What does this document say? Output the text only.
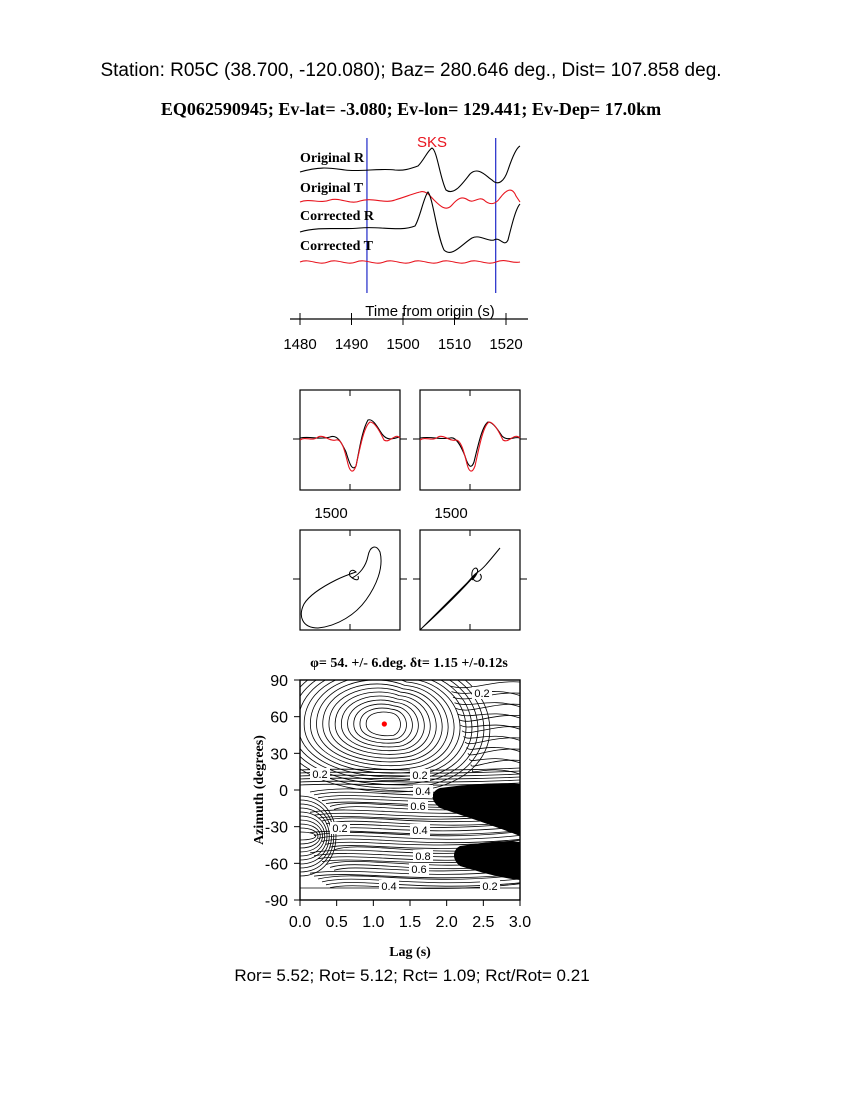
Station: R05C (38.700, -120.080); Baz= 280.646 deg., Dist= 107.858 deg.
EQ062590945; Ev-lat= -3.080; Ev-lon= 129.441; Ev-Dep= 17.0km
SKS
Original R
Original T
Corrected R
Corrected T
Time from origin (s)
1480 1490 1500 1510 1520
1500	1500
φ= 54. +/- 6.deg. δt= 1.15 +/-0.12s
0.2
0.2	0.2
0.4
0.6
0.4
0.8
0.6
0.4	0.2
0.2
0.0 0.5 1.0 1.5 2.0 2.5 3.0
90
60
30
0
-30
-60
-90
Lag (s)
Azimuth (degrees)
Ror= 5.52; Rot= 5.12; Rct= 1.09; Rct/Rot= 0.21
